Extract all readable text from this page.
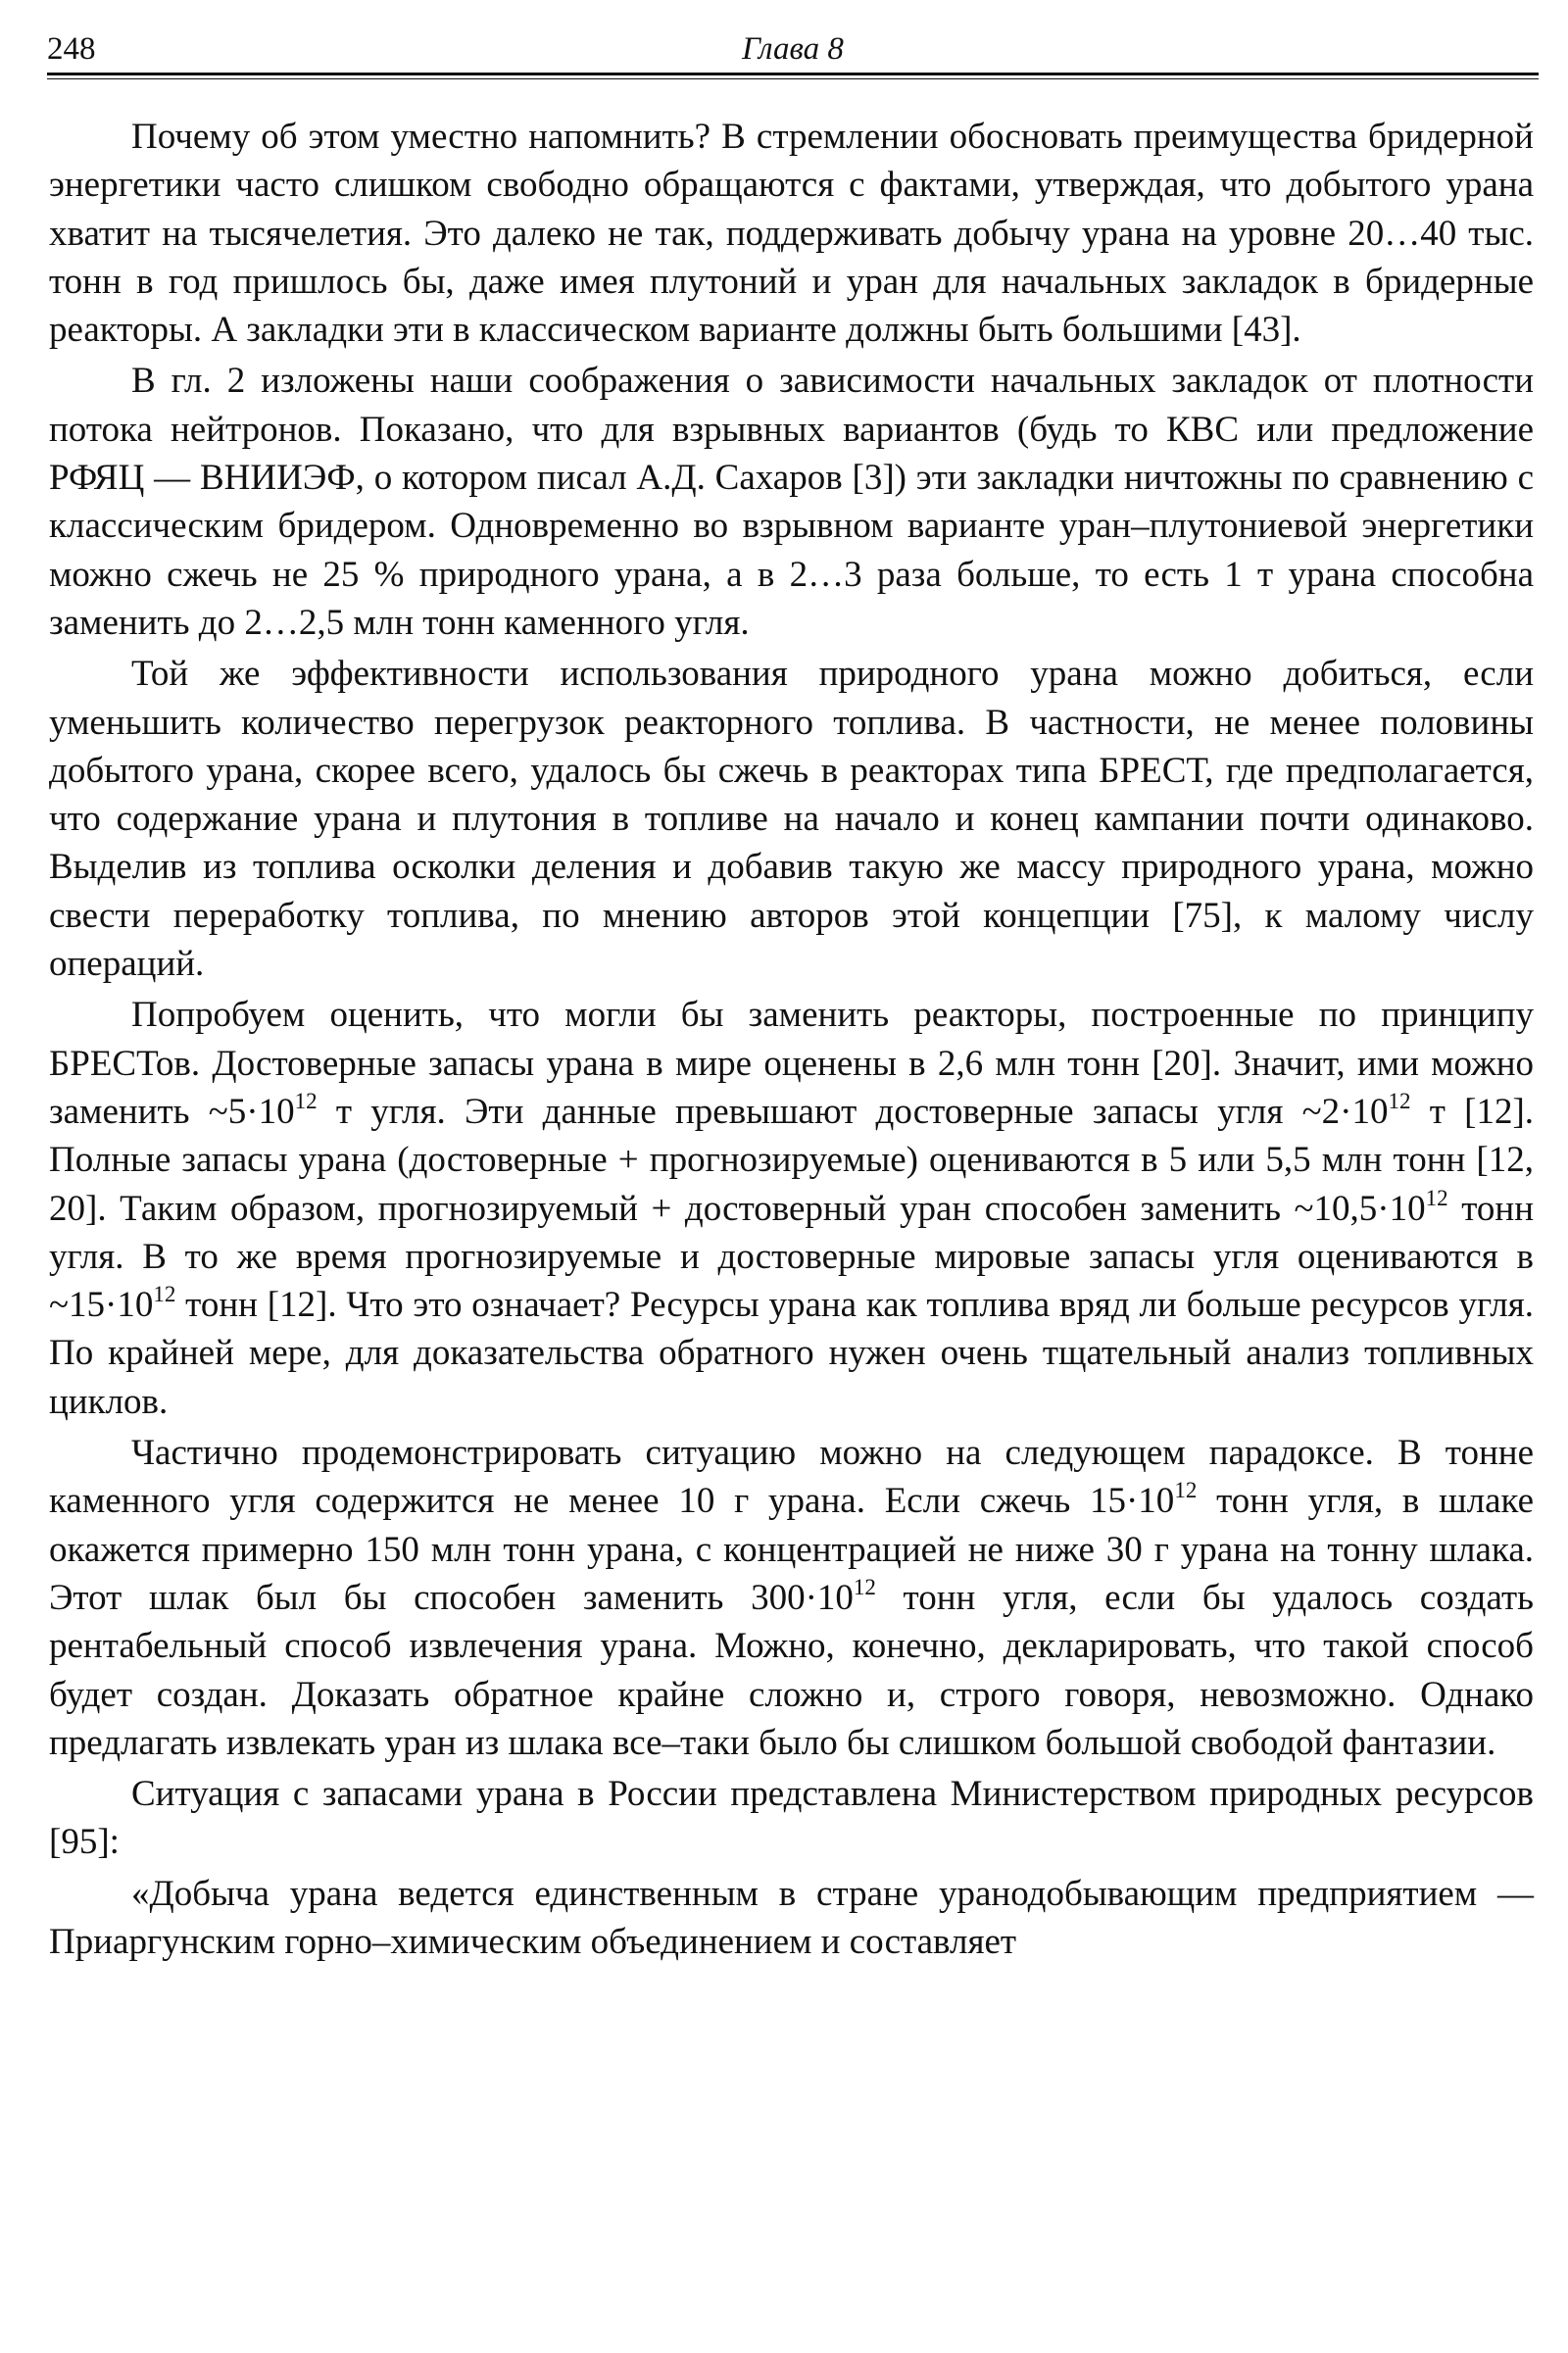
248	Глава 8

Почему об этом уместно напомнить? В стремлении обосновать преимущества бридерной энергетики часто слишком свободно обращаются с фактами, утверждая, что добытого урана хватит на тысячелетия. Это далеко не так, поддерживать добычу урана на уровне 20…40 тыс. тонн в год пришлось бы, даже имея плутоний и уран для начальных закладок в бридерные реакторы. А закладки эти в классическом варианте должны быть большими [43].

В гл. 2 изложены наши соображения о зависимости начальных закладок от плотности потока нейтронов. Показано, что для взрывных вариантов (будь то КВС или предложение РФЯЦ — ВНИИЭФ, о котором писал А.Д. Сахаров [3]) эти закладки ничтожны по сравнению с классическим бридером. Одновременно во взрывном варианте уран–плутониевой энергетики можно сжечь не 25 % природного урана, а в 2…3 раза больше, то есть 1 т урана способна заменить до 2…2,5 млн тонн каменного угля.

Той же эффективности использования природного урана можно добиться, если уменьшить количество перегрузок реакторного топлива. В частности, не менее половины добытого урана, скорее всего, удалось бы сжечь в реакторах типа БРЕСТ, где предполагается, что содержание урана и плутония в топливе на начало и конец кампании почти одинаково. Выделив из топлива осколки деления и добавив такую же массу природного урана, можно свести переработку топлива, по мнению авторов этой концепции [75], к малому числу операций.

Попробуем оценить, что могли бы заменить реакторы, построенные по принципу БРЕСТов. Достоверные запасы урана в мире оценены в 2,6 млн тонн [20]. Значит, ими можно заменить $\sim 5\cdot 10^{12}$ т угля. Эти данные превышают достоверные запасы угля $\sim 2\cdot 10^{12}$ т [12]. Полные запасы урана (достоверные + прогнозируемые) оцениваются в 5 или 5,5 млн тонн [12, 20]. Таким образом, прогнозируемый + достоверный уран способен заменить $\sim 10,5\cdot 10^{12}$ тонн угля. В то же время прогнозируемые и достоверные мировые запасы угля оцениваются в $\sim 15\cdot 10^{12}$ тонн [12]. Что это означает? Ресурсы урана как топлива вряд ли больше ресурсов угля. По крайней мере, для доказательства обратного нужен очень тщательный анализ топливных циклов.

Частично продемонстрировать ситуацию можно на следующем парадоксе. В тонне каменного угля содержится не менее 10 г урана. Если сжечь $15\cdot 10^{12}$ тонн угля, в шлаке окажется примерно 150 млн тонн урана, с концентрацией не ниже 30 г урана на тонну шлака. Этот шлак был бы способен заменить $300\cdot 10^{12}$ тонн угля, если бы удалось создать рентабельный способ извлечения урана. Можно, конечно, декларировать, что такой способ будет создан. Доказать обратное крайне сложно и, строго говоря, невозможно. Однако предлагать извлекать уран из шлака все–таки было бы слишком большой свободой фантазии.

Ситуация с запасами урана в России представлена Министерством природных ресурсов [95]:

«Добыча урана ведется единственным в стране уранодобывающим предприятием — Приаргунским горно–химическим объединением и составляет
